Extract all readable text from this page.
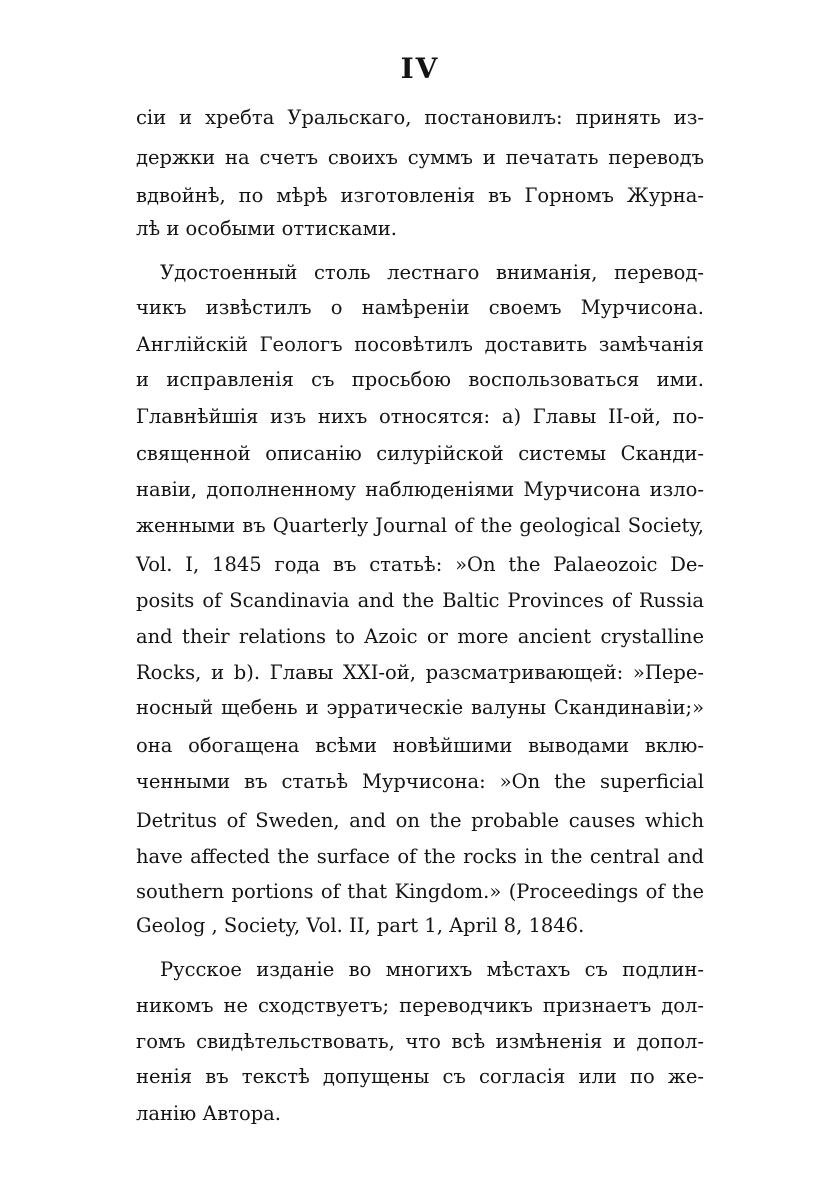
IV
сіи и хребта Уральскаго, постановилъ: принять из-
держки на счетъ своихъ суммъ и печатать переводъ
вдвойнѣ, по мѣрѣ изготовленія въ Горномъ Журна-
лѣ и особыми оттисками.
Удостоенный столь лестнаго вниманія, перевод-
чикъ извѣстилъ о намѣреніи своемъ Мурчисона.
Англійскій Геологъ посовѣтилъ доставить замѣчанія
и исправленія съ просьбою воспользоваться ими.
Главнѣйшія изъ нихъ относятся: a) Главы II-ой, по-
священной описанію силурійской системы Сканди-
навіи, дополненному наблюденіями Мурчисона изло-
женными въ Quarterly Journal of the geological Society,
Vol. I, 1845 года въ статьѣ: »On the Palaeozoic De-
posits of Scandinavia and the Baltic Provinces of Russia
and their relations to Azoic or more ancient crystalline
Rocks, и b). Главы XXI-ой, разсматривающей: »Пере-
носный щебень и эрратическіе валуны Скандинавіи;»
она обогащена всѣми новѣйшими выводами вклю-
ченными въ статьѣ Мурчисона: »On the superficial
Detritus of Sweden, and on the probable causes which
have affected the surface of the rocks in the central and
southern portions of that Kingdom.» (Proceedings of the
Geolog , Society, Vol. II, part 1, April 8, 1846.
Русское изданіе во многихъ мѣстахъ съ подлин-
никомъ не сходствуетъ; переводчикъ признаетъ дол-
гомъ свидѣтельствовать, что всѣ измѣненія и допол-
ненія въ текстѣ допущены съ согласія или по же-
ланію Автора.
